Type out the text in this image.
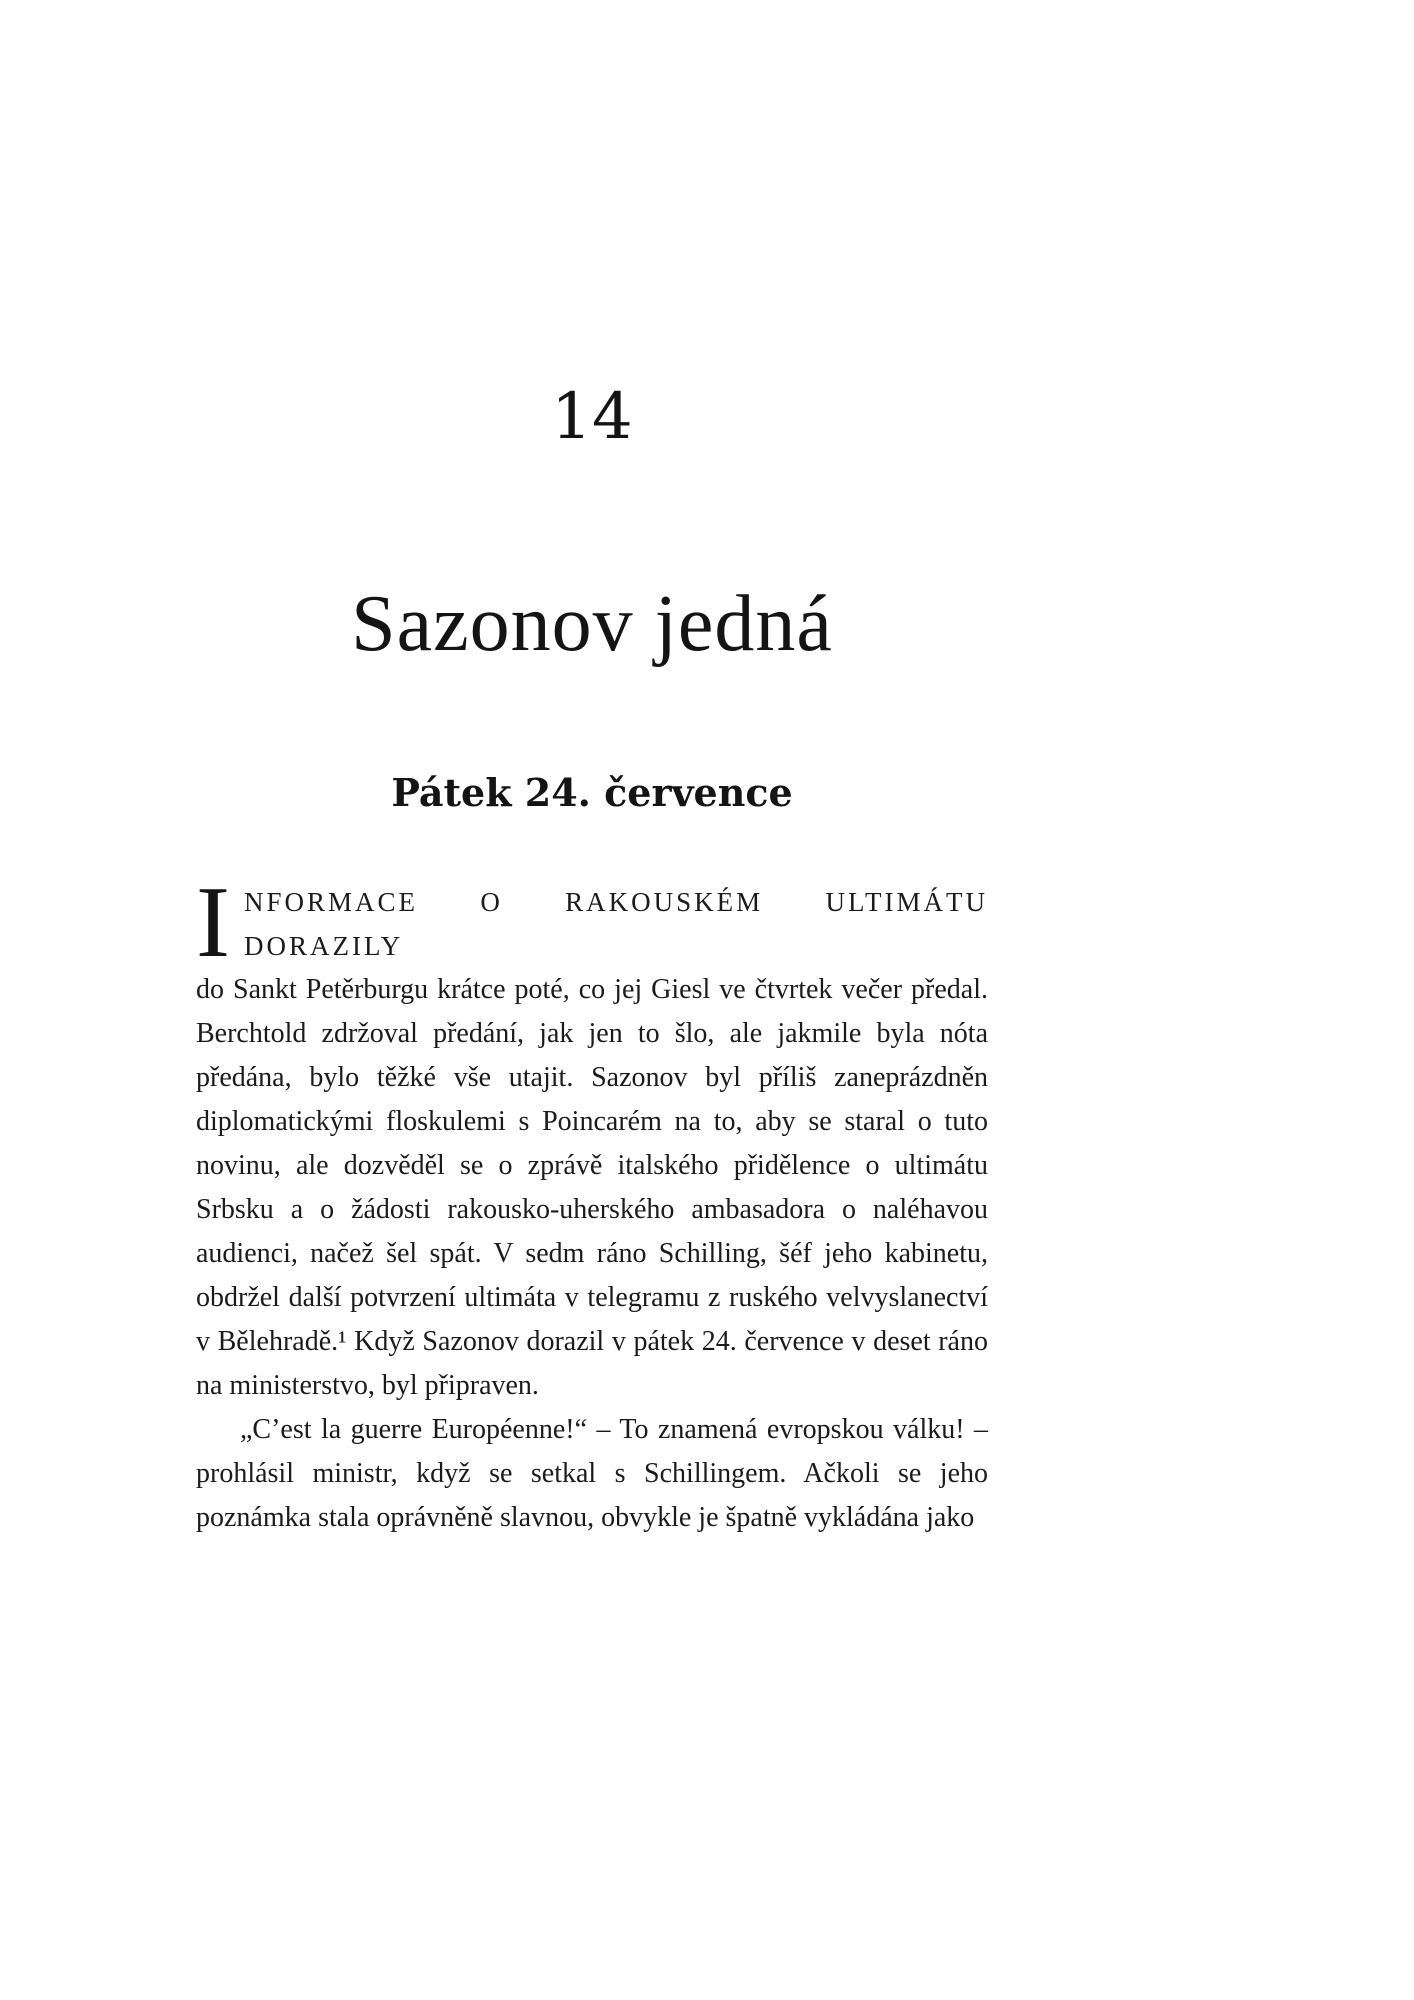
14
Sazonov jedná
Pátek 24. července

I NFORMACE O RAKOUSKÉM ULTIMÁTU DORAZILY
do Sankt Petěrburgu krátce poté, co jej Giesl ve čtvrtek večer předal. Berchtold zdržoval předání, jak jen to šlo, ale jakmile byla nóta předána, bylo těžké vše utajit. Sazonov byl příliš zaneprázdněn diplomatickými floskulemi s Poincarém na to, aby se staral o tuto novinu, ale dozvěděl se o zprávě italského přidělence o ultimátu Srbsku a o žádosti rakousko-uherského ambasadora o naléhavou audienci, načež šel spát. V sedm ráno Schilling, šéf jeho kabinetu, obdržel další potvrzení ultimáta v telegramu z ruského velvyslanectví v Bělehradě.¹ Když Sazonov dorazil v pátek 24. července v deset ráno na ministerstvo, byl připraven.

„C’est la guerre Européenne!“ – To znamená evropskou válku! – prohlásil ministr, když se setkal s Schillingem. Ačkoli se jeho poznámka stala oprávněně slavnou, obvykle je špatně vykládána jako
